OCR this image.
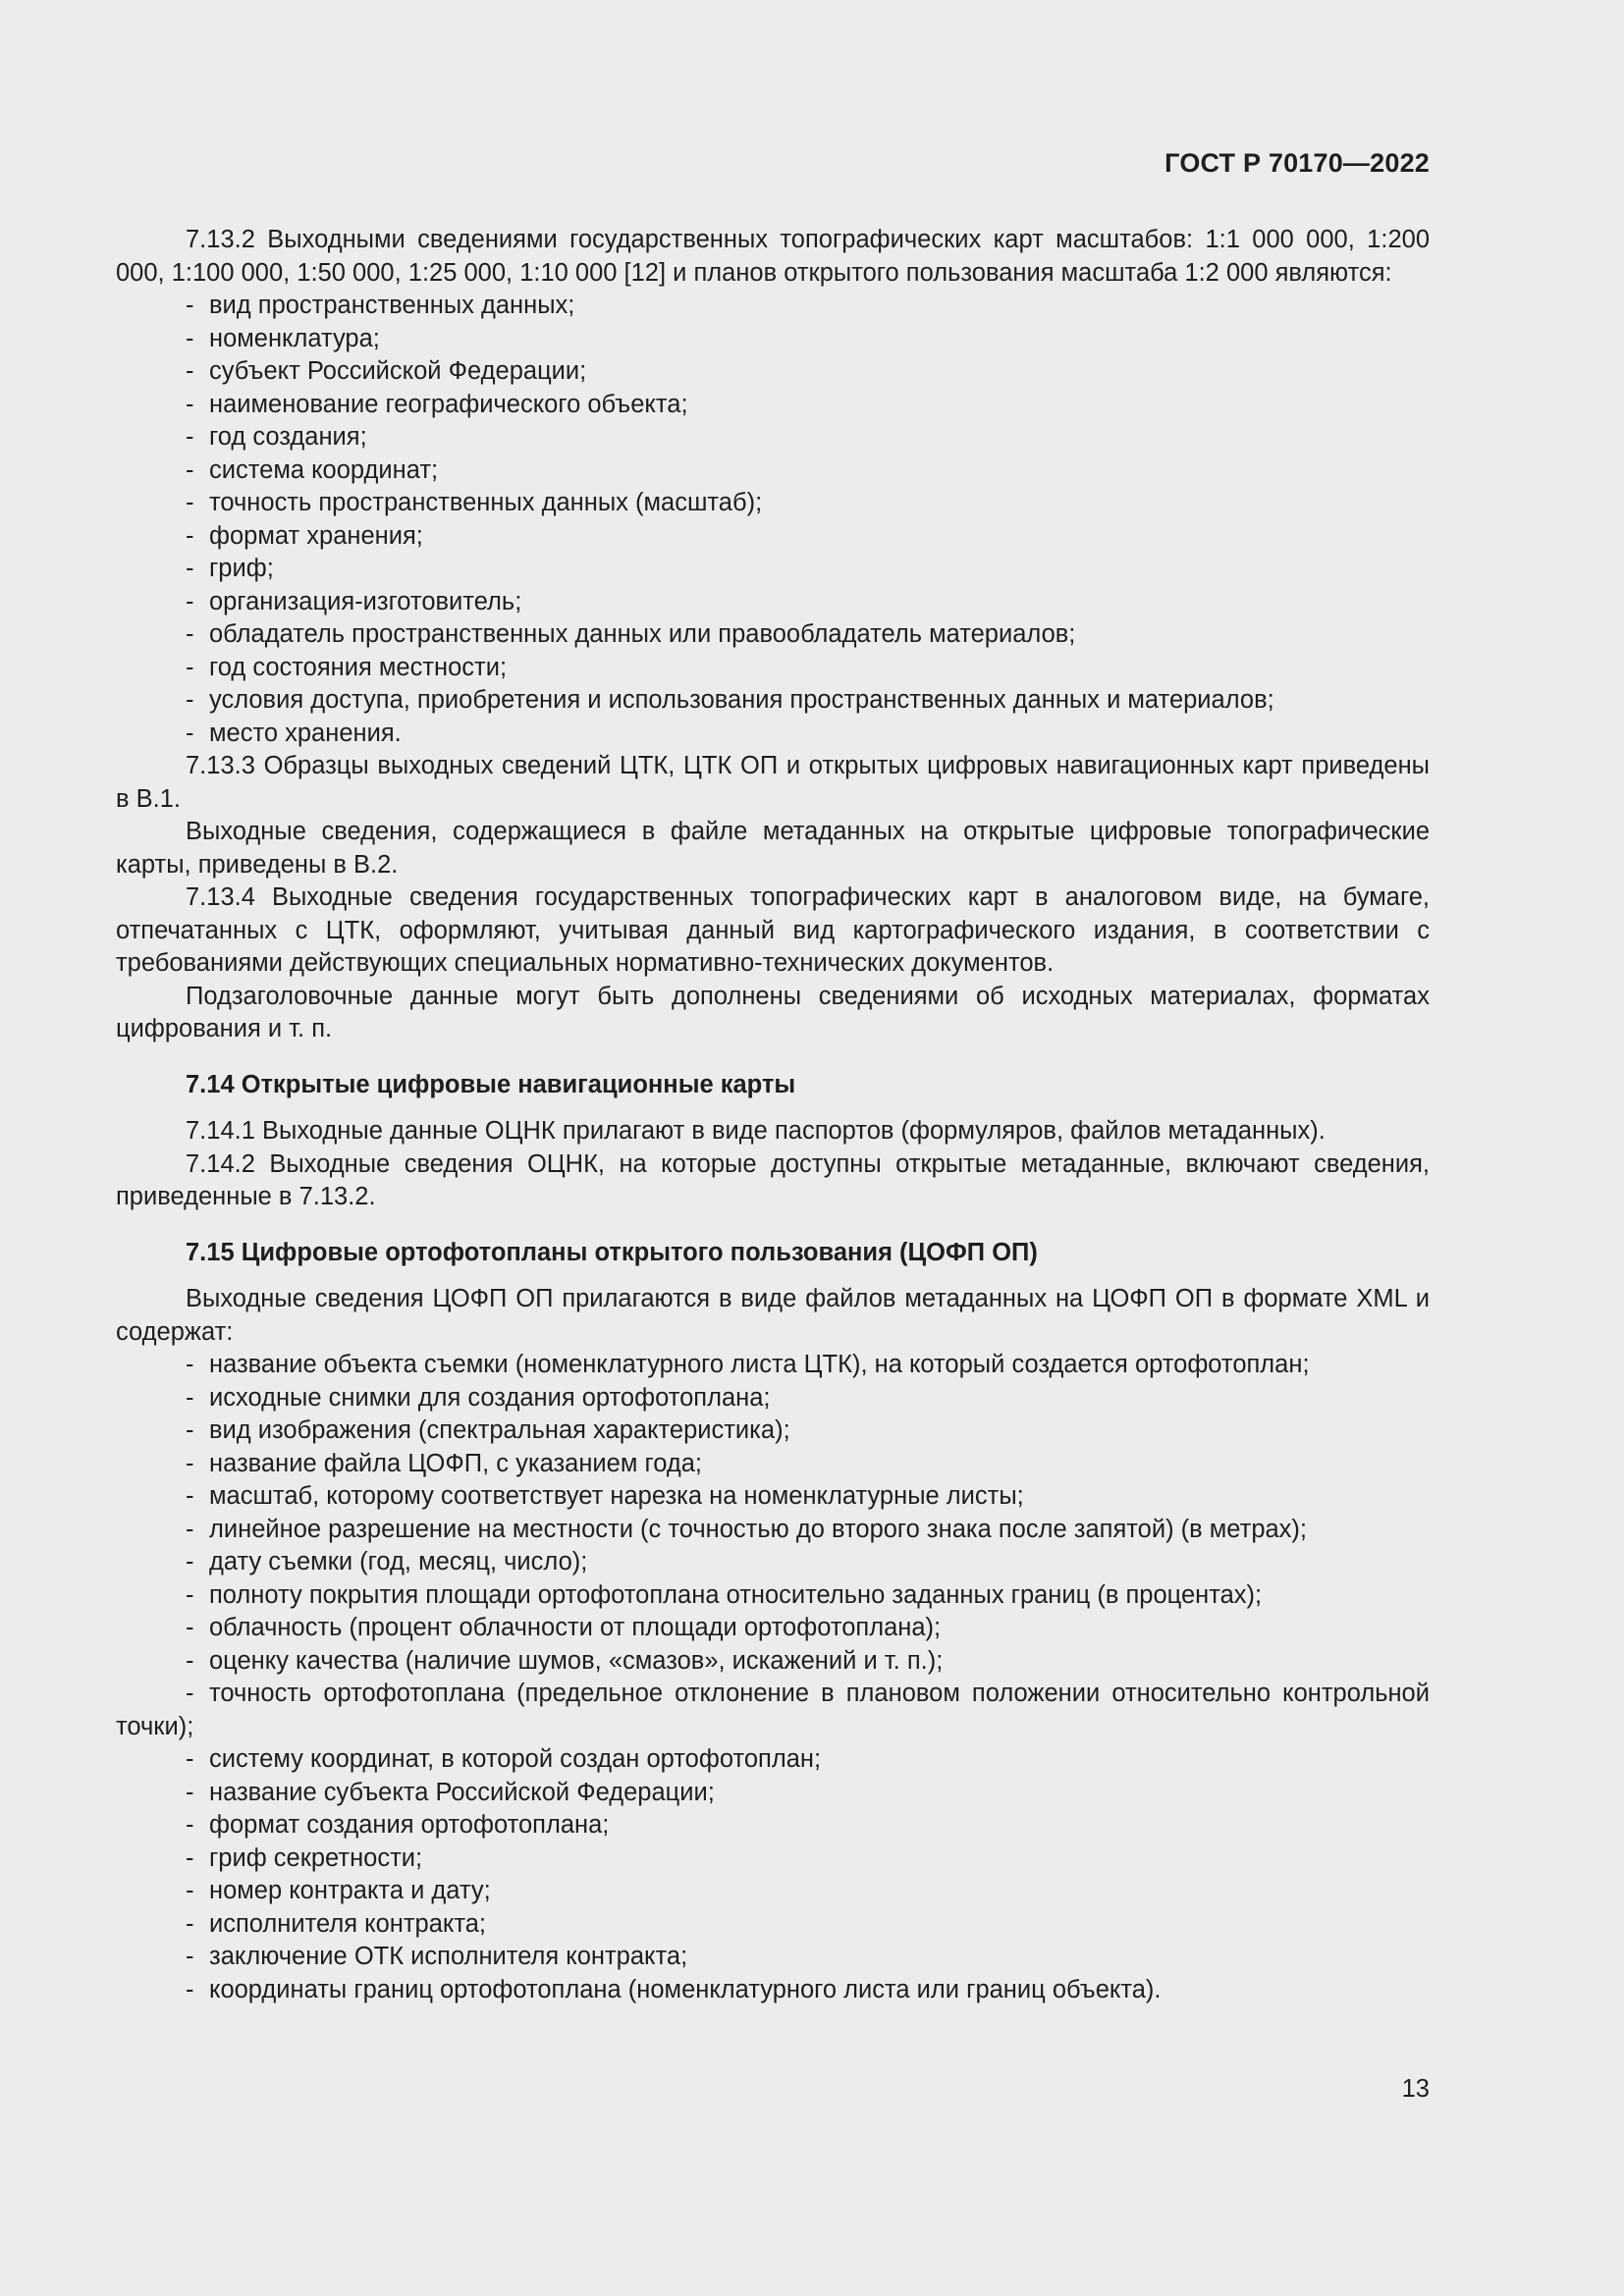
ГОСТ Р 70170—2022

7.13.2 Выходными сведениями государственных топографических карт масштабов: 1:1 000 000, 1:200 000, 1:100 000, 1:50 000, 1:25 000, 1:10 000 [12] и планов открытого пользования масштаба 1:2 000 являются:

- вид пространственных данных;

- номенклатура;

- субъект Российской Федерации;

- наименование географического объекта;

- год создания;

- система координат;

- точность пространственных данных (масштаб);

- формат хранения;

- гриф;

- организация-изготовитель;

- обладатель пространственных данных или правообладатель материалов;

- год состояния местности;

- условия доступа, приобретения и использования пространственных данных и материалов;

- место хранения.

7.13.3 Образцы выходных сведений ЦТК, ЦТК ОП и открытых цифровых навигационных карт приведены в В.1.

Выходные сведения, содержащиеся в файле метаданных на открытые цифровые топографические карты, приведены в В.2.

7.13.4 Выходные сведения государственных топографических карт в аналоговом виде, на бумаге, отпечатанных с ЦТК, оформляют, учитывая данный вид картографического издания, в соответствии с требованиями действующих специальных нормативно-технических документов.

Подзаголовочные данные могут быть дополнены сведениями об исходных материалах, форматах цифрования и т. п.

7.14 Открытые цифровые навигационные карты

7.14.1 Выходные данные ОЦНК прилагают в виде паспортов (формуляров, файлов метаданных).

7.14.2 Выходные сведения ОЦНК, на которые доступны открытые метаданные, включают сведения, приведенные в 7.13.2.

7.15 Цифровые ортофотопланы открытого пользования (ЦОФП ОП)

Выходные сведения ЦОФП ОП прилагаются в виде файлов метаданных на ЦОФП ОП в формате XML и содержат:

- название объекта съемки (номенклатурного листа ЦТК), на который создается ортофотоплан;

- исходные снимки для создания ортофотоплана;

- вид изображения (спектральная характеристика);

- название файла ЦОФП, с указанием года;

- масштаб, которому соответствует нарезка на номенклатурные листы;

- линейное разрешение на местности (с точностью до второго знака после запятой) (в метрах);

- дату съемки (год, месяц, число);

- полноту покрытия площади ортофотоплана относительно заданных границ (в процентах);

- облачность (процент облачности от площади ортофотоплана);

- оценку качества (наличие шумов, «смазов», искажений и т. п.);

- точность ортофотоплана (предельное отклонение в плановом положении относительно контрольной точки);

- систему координат, в которой создан ортофотоплан;

- название субъекта Российской Федерации;

- формат создания ортофотоплана;

- гриф секретности;

- номер контракта и дату;

- исполнителя контракта;

- заключение ОТК исполнителя контракта;

- координаты границ ортофотоплана (номенклатурного листа или границ объекта).

13
